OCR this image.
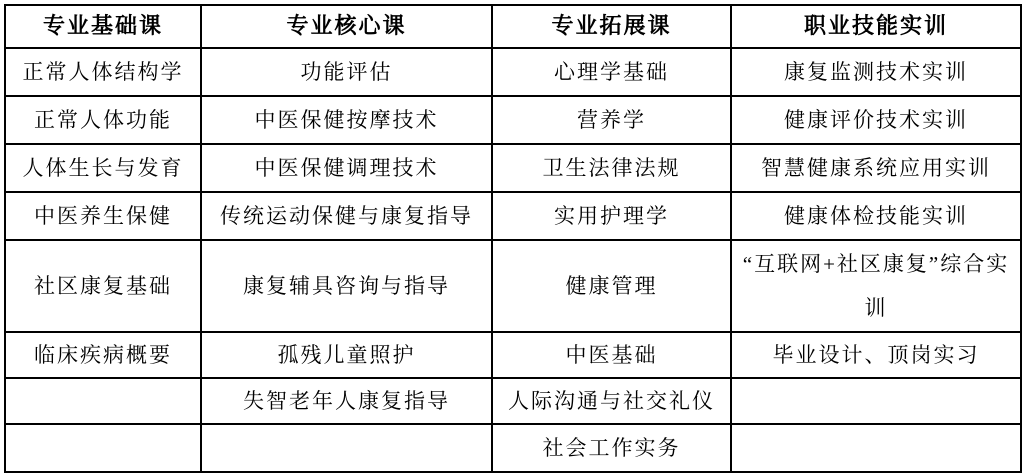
专业基础课	专业核心课	专业拓展课	职业技能实训
正常人体结构学	功能评估	心理学基础	康复监测技术实训
正常人体功能	中医保健按摩技术	营养学	健康评价技术实训
人体生长与发育	中医保健调理技术	卫生法律法规	智慧健康系统应用实训
中医养生保健	传统运动保健与康复指导	实用护理学	健康体检技能实训
社区康复基础	康复辅具咨询与指导	健康管理	“互联网+社区康复”综合实训
临床疾病概要	孤残儿童照护	中医基础	毕业设计、顶岗实习
	失智老年人康复指导	人际沟通与社交礼仪	
		社会工作实务	
